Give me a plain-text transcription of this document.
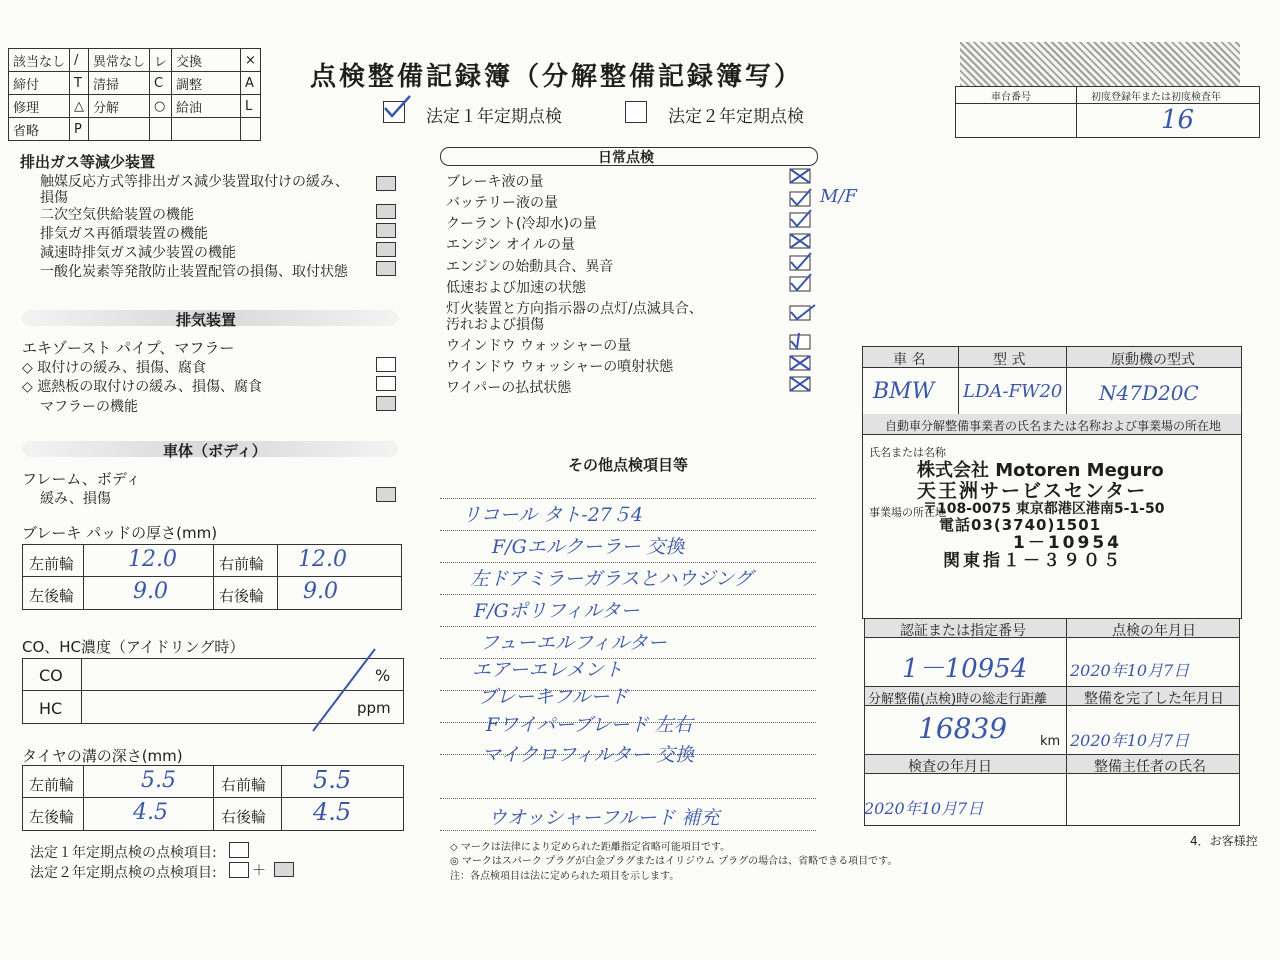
該当なし	/	異常なし	レ	交換	×
締付	T	清掃	C	調整	A
修理	△	分解	○	給油	L
省略	P				
点検整備記録簿（分解整備記録簿写）
法定１年定期点検	法定２年定期点検
車台番号	初度登録年または初度検査年
16
排出ガス等減少装置
触媒反応方式等排出ガス減少装置取付けの緩み、
損傷
二次空気供給装置の機能
排気ガス再循環装置の機能
減速時排気ガス減少装置の機能
一酸化炭素等発散防止装置配管の損傷、取付状態
排気装置
エキゾースト パイプ、マフラー
◇ 取付けの緩み、損傷、腐食
◇ 遮熱板の取付けの緩み、損傷、腐食
マフラーの機能
車体（ボディ）
フレーム、ボディ
緩み、損傷
ブレーキ パッドの厚さ(mm)
左前輪 12.0	右前輪 12.0
左後輪	9.0	右後輪 9.0
CO、HC濃度（アイドリング時）
CO	%
HC	ppm
タイヤの溝の深さ(mm)
左前輪	5.5	右前輪 5.5
左後輪	4.5	右後輪 4.5
法定１年定期点検の点検項目:
法定２年定期点検の点検項目:	＋
日常点検
ブレーキ液の量
バッテリー液の量
クーラント(冷却水)の量
エンジン オイルの量
エンジンの始動具合、異音
低速および加速の状態
灯火装置と方向指示器の点灯/点滅具合、
汚れおよび損傷
ウインドウ ウォッシャーの量
ウインドウ ウォッシャーの噴射状態
ワイパーの払拭状態
M/F
その他点検項目等
リコール タト-27５4
F/Gエルクーラー 交換
左ドアミラーガラスとハウジング
F/Gポリフィルター
フューエルフィルター
エアーエレメント
ブレーキフルード
Fワイパーブレード 左右
マイクロフィルター 交換
ウオッシャーフルード 補充
◇ マークは法律により定められた距離指定省略可能項目です。
◎ マークはスパーク プラグが白金プラグまたはイリジウム プラグの場合は、省略できる項目です。
注：各点検項目は法に定められた項目を示します。
4．お客様控
車 名	型 式	原動機の型式
BMW LDA-FW20 N47D20C
自動車分解整備事業者の氏名または名称および事業場の所在地
氏名または名称
事業場の所在地
株式会社 Motoren Meguro
天王洲サービスセンター
〒108-0075 東京都港区港南5-1-50
電話03(3740)1501
1－10954
関東指１－３９０５
認証または指定番号	点検の年月日
1－10954	2020年10月7日
分解整備(点検)時の総走行距離	整備を完了した年月日
16839	km 2020年10月7日
検査の年月日	整備主任者の氏名
2020年10月7日
